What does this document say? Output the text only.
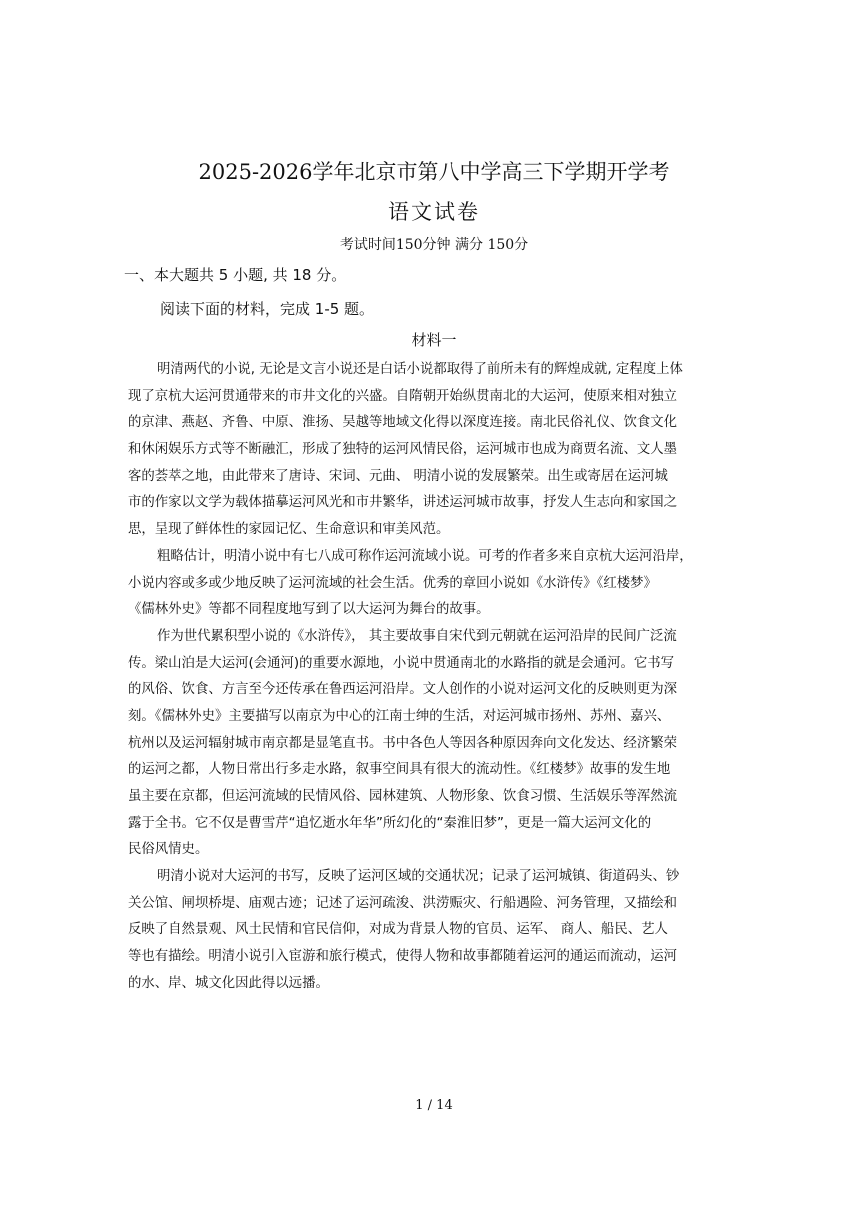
2025-2026学年北京市第八中学高三下学期开学考
语文试卷
考试时间150分钟 满分 150分
一、本大题共 5 小题, 共 18 分。
阅读下面的材料，完成 1-5 题。
材料一
明清两代的小说, 无论是文言小说还是白话小说都取得了前所未有的辉煌成就, 定程度上体
现了京杭大运河贯通带来的市井文化的兴盛。自隋朝开始纵贯南北的大运河，使原来相对独立
的京津、燕赵、齐鲁、中原、淮扬、吴越等地域文化得以深度连接。南北民俗礼仪、饮食文化
和休闲娱乐方式等不断融汇，形成了独特的运河风情民俗，运河城市也成为商贾名流、文人墨
客的荟萃之地，由此带来了唐诗、宋词、元曲、 明清小说的发展繁荣。出生或寄居在运河城
市的作家以文学为载体描摹运河风光和市井繁华，讲述运河城市故事，抒发人生志向和家国之
思，呈现了鲜体性的家园记忆、生命意识和审美风范。
粗略估计，明清小说中有七八成可称作运河流域小说。可考的作者多来自京杭大运河沿岸，
小说内容或多或少地反映了运河流域的社会生活。优秀的章回小说如《水浒传》《红楼梦》
《儒林外史》等都不同程度地写到了以大运河为舞台的故事。
作为世代累积型小说的《水浒传》， 其主要故事自宋代到元朝就在运河沿岸的民间广泛流
传。梁山泊是大运河(会通河)的重要水源地，小说中贯通南北的水路指的就是会通河。它书写
的风俗、饮食、方言至今还传承在鲁西运河沿岸。文人创作的小说对运河文化的反映则更为深
刻。《儒林外史》主要描写以南京为中心的江南士绅的生活，对运河城市扬州、苏州、嘉兴、
杭州以及运河辐射城市南京都是显笔直书。书中各色人等因各种原因奔向文化发达、经济繁荣
的运河之都，人物日常出行多走水路，叙事空间具有很大的流动性。《红楼梦》故事的发生地
虽主要在京都，但运河流域的民情风俗、园林建筑、人物形象、饮食习惯、生活娱乐等浑然流
露于全书。它不仅是曹雪芹“追忆逝水年华”所幻化的“秦淮旧梦”，更是一篇大运河文化的
民俗风情史。
明清小说对大运河的书写，反映了运河区域的交通状况；记录了运河城镇、街道码头、钞
关公馆、闸坝桥堤、庙观古迹；记述了运河疏浚、洪涝赈灾、行船遇险、河务管理，又描绘和
反映了自然景观、风土民情和官民信仰，对成为背景人物的官员、运军、 商人、船民、艺人
等也有描绘。明清小说引入宦游和旅行模式，使得人物和故事都随着运河的通运而流动，运河
的水、岸、城文化因此得以远播。
1 / 14
